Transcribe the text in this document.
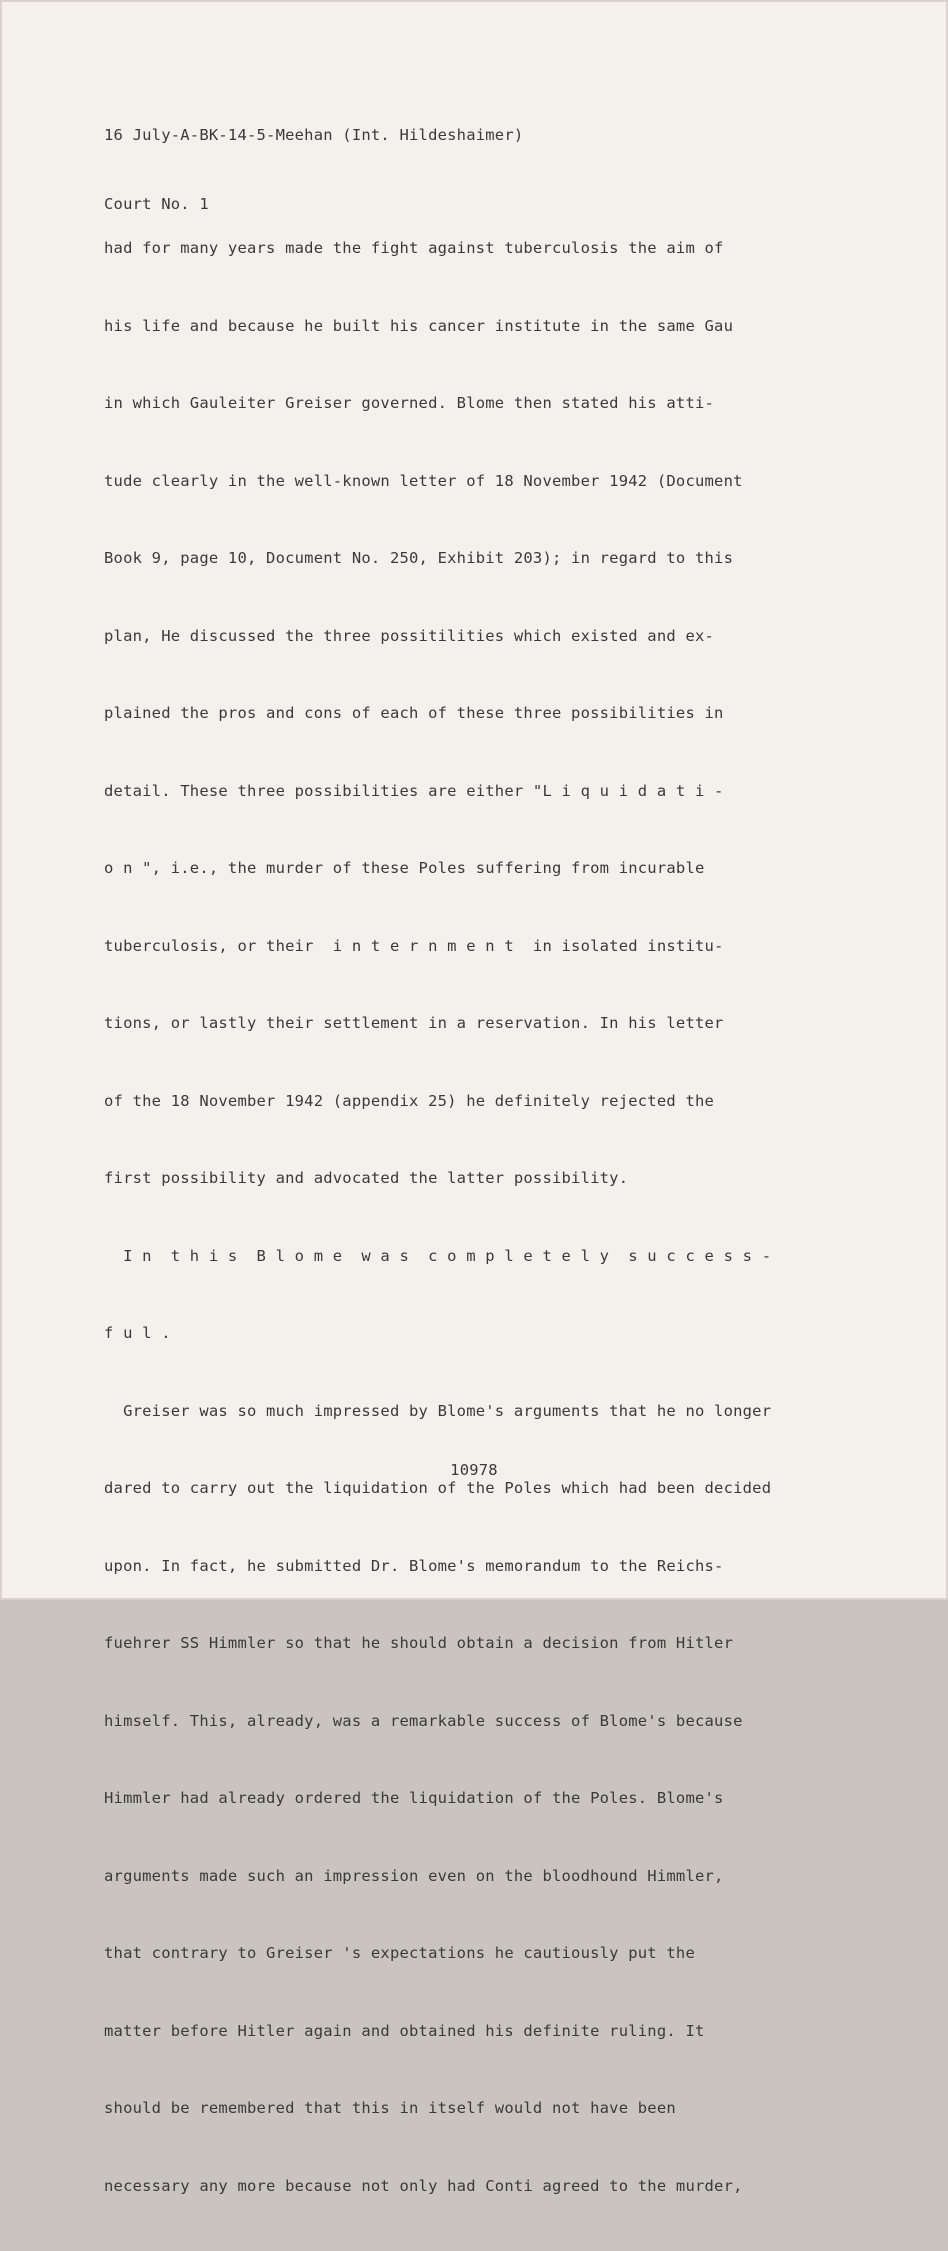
16 July-A-BK-14-5-Meehan (Int. Hildeshaimer)

Court No. 1

had for many years made the fight against tuberculosis the aim of

his life and because he built his cancer institute in the same Gau

in which Gauleiter Greiser governed. Blome then stated his atti-

tude clearly in the well-known letter of 18 November 1942 (Document

Book 9, page 10, Document No. 250, Exhibit 203); in regard to this

plan, He discussed the three possitilities which existed and ex-

plained the pros and cons of each of these three possibilities in

detail. These three possibilities are either "L i q u i d a t i -

o n ", i.e., the murder of these Poles suffering from incurable

tuberculosis, or their  i n t e r n m e n t  in isolated institu-

tions, or lastly their settlement in a reservation. In his letter

of the 18 November 1942 (appendix 25) he definitely rejected the

first possibility and advocated the latter possibility.

I n  t h i s  B l o m e  w a s  c o m p l e t e l y  s u c c e s s -

f u l .

Greiser was so much impressed by Blome's arguments that he no longer

dared to carry out the liquidation of the Poles which had been decided

upon. In fact, he submitted Dr. Blome's memorandum to the Reichs-

fuehrer SS Himmler so that he should obtain a decision from Hitler

himself. This, already, was a remarkable success of Blome's because

Himmler had already ordered the liquidation of the Poles. Blome's

arguments made such an impression even on the bloodhound Himmler,

that contrary to Greiser 's expectations he cautiously put the

matter before Hitler again and obtained his definite ruling. It

should be remembered that this in itself would not have been

necessary any more because not only had Conti agreed to the murder,

10978
